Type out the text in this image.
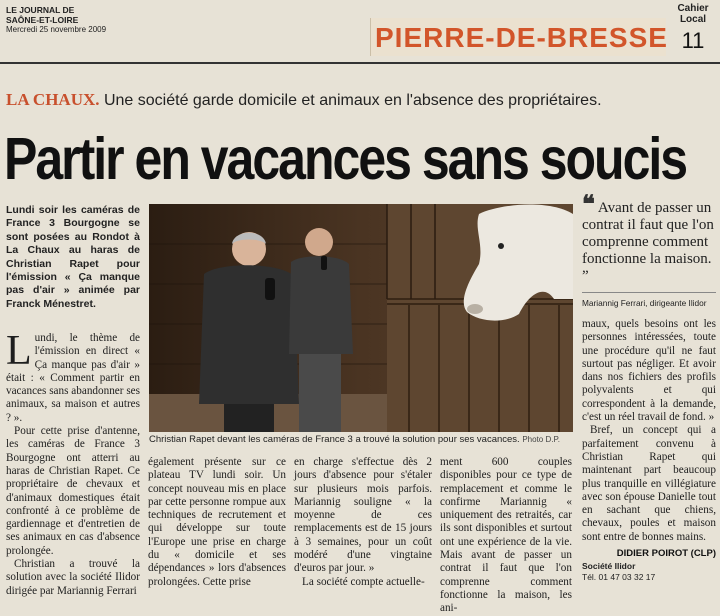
LE JOURNAL DE
SAÔNE-ET-LOIRE
Mercredi 25 novembre 2009	PIERRE-DE-BRESSE
Cahier
Local
11
LA CHAUX. Une société garde domicile et animaux en l'absence des propriétaires.
Partir en vacances sans soucis
Lundi soir les caméras de France 3 Bourgogne se sont posées au Rondot à La Chaux au haras de Christian Rapet pour l'émission « Ça manque pas d'air » animée par Franck Ménestret.

Lundi, le thème de l'émission en direct « Ça manque pas d'air » était : « Comment partir en vacances sans abandonner ses animaux, sa maison et autres ? ».

Pour cette prise d'antenne, les caméras de France 3 Bourgogne ont atterri au haras de Christian Rapet. Ce propriétaire de chevaux et d'animaux domestiques était confronté à ce problème de gardiennage et d'entretien de ses animaux en cas d'absence prolongée.

Christian a trouvé la solution avec la société Ilidor dirigée par Mariannig Ferrari

Christian Rapet devant les caméras de France 3 a trouvé la solution pour ses vacances. Photo D.P.

également présente sur ce plateau TV lundi soir. Un concept nouveau mis en place par cette personne rompue aux techniques de recrutement et qui développe sur toute l'Europe une prise en charge du « domicile et ses dépendances » lors d'absences prolongées. Cette prise

en charge s'effectue dès 2 jours d'absence pour s'étaler sur plusieurs mois parfois. Mariannig souligne « la moyenne de ces remplacements est de 15 jours à 3 semaines, pour un coût modéré d'une vingtaine d'euros par jour. »

La société compte actuelle-

ment 600 couples disponibles pour ce type de remplacement et comme le confirme Mariannig « uniquement des retraités, car ils sont disponibles et surtout ont une expérience de la vie. Mais avant de passer un contrat il faut que l'on comprenne comment fonctionne la maison, les ani-

❝ Avant de passer un contrat il faut que l'on comprenne comment fonctionne la maison. ”
Mariannig Ferrari, dirigeante Ilidor

maux, quels besoins ont les personnes intéressées, toute une procédure qu'il ne faut surtout pas négliger. Et avoir dans nos fichiers des profils polyvalents et qui correspondent à la demande, c'est un réel travail de fond. »

Bref, un concept qui a parfaitement convenu à Christian Rapet qui maintenant part beaucoup plus tranquille en villégiature avec son épouse Danielle tout en sachant que chiens, chevaux, poules et maison sont entre de bonnes mains.

DIDIER POIROT (CLP)
Société Ilidor
Tél. 01 47 03 32 17
